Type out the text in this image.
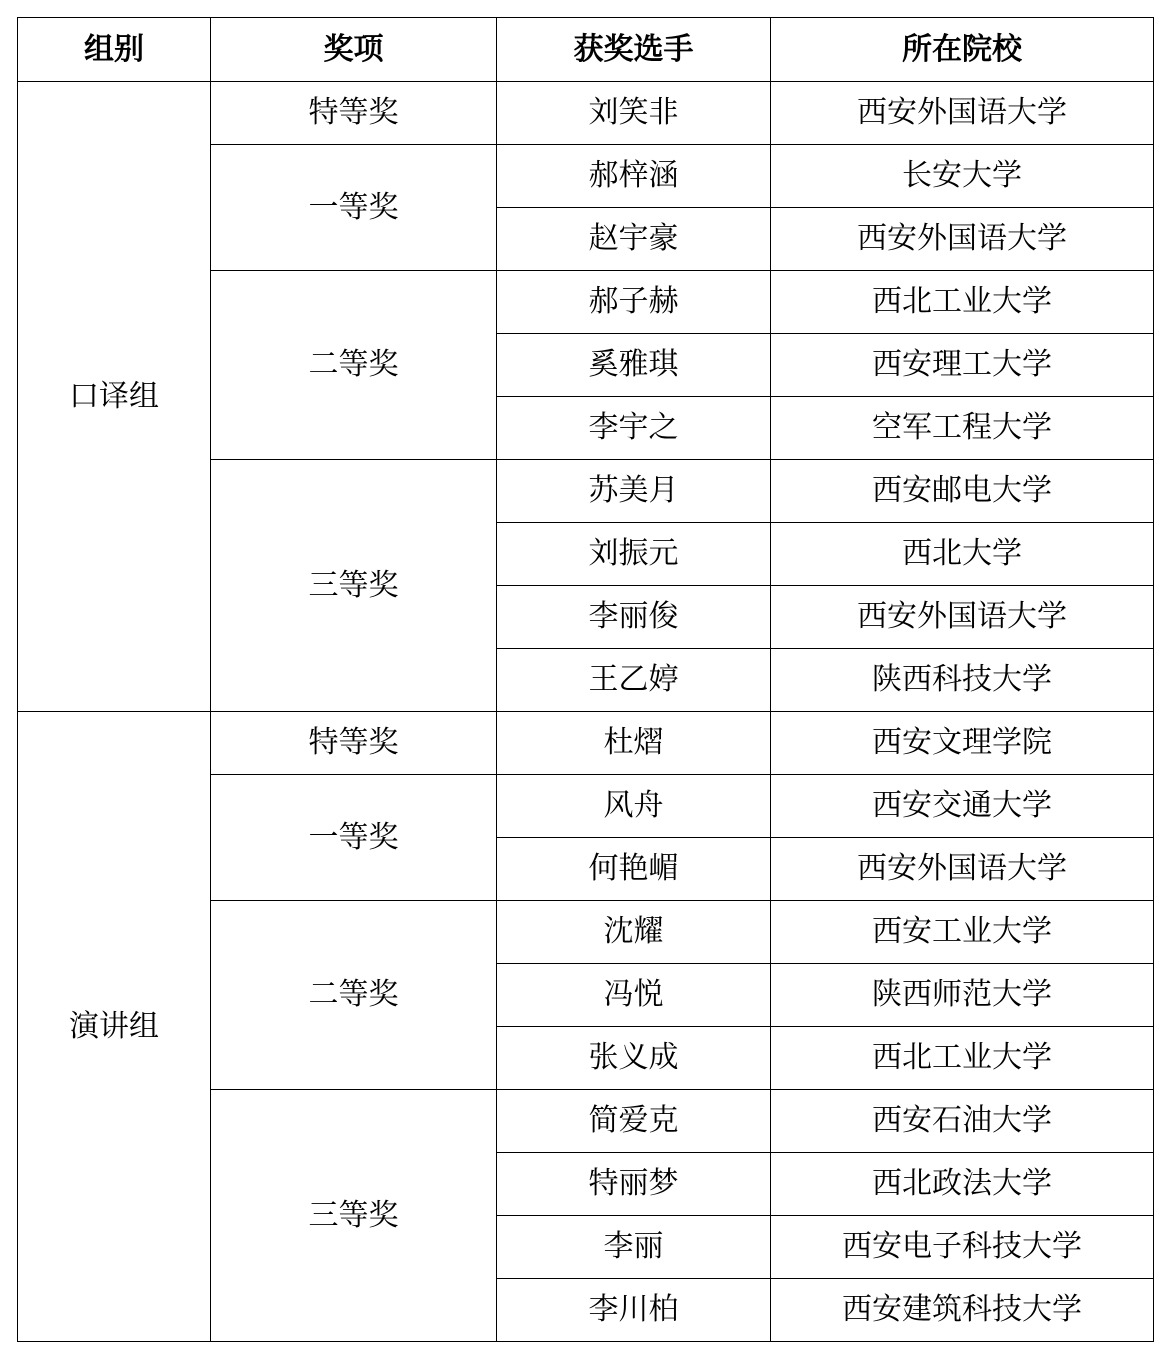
组别	奖项	获奖选手	所在院校
口译组	特等奖	刘笑非	西安外国语大学
	一等奖	郝梓涵	长安大学
		赵宇豪	西安外国语大学
	二等奖	郝子赫	西北工业大学
		奚雅琪	西安理工大学
		李宇之	空军工程大学
	三等奖	苏美月	西安邮电大学
		刘振元	西北大学
		李丽俊	西安外国语大学
		王乙婷	陕西科技大学
演讲组	特等奖	杜熠	西安文理学院
	一等奖	风舟	西安交通大学
		何艳嵋	西安外国语大学
	二等奖	沈耀	西安工业大学
		冯悦	陕西师范大学
		张义成	西北工业大学
	三等奖	简爱克	西安石油大学
		特丽梦	西北政法大学
		李丽	西安电子科技大学
		李川柏	西安建筑科技大学
